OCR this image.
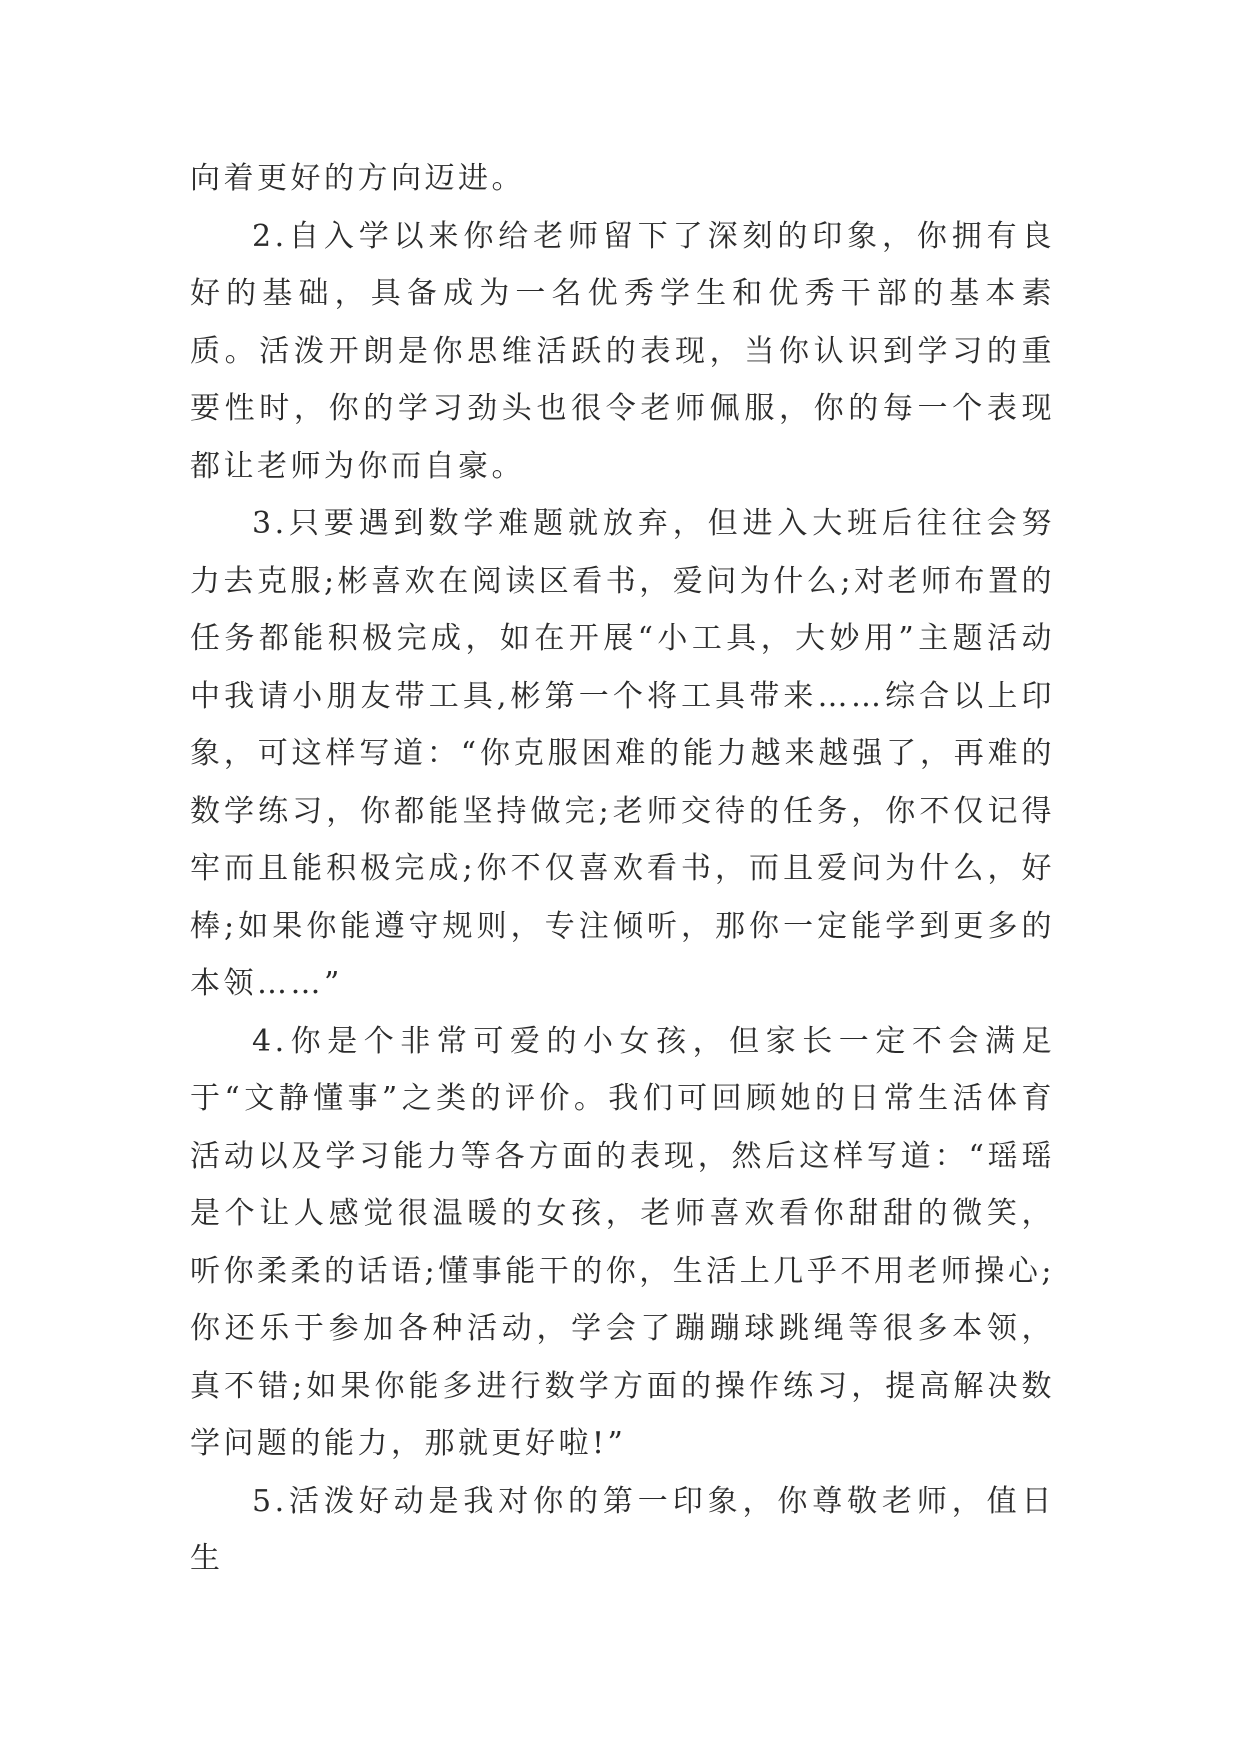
向着更好的方向迈进。

2.自入学以来你给老师留下了深刻的印象，你拥有良好的基础，具备成为一名优秀学生和优秀干部的基本素质。活泼开朗是你思维活跃的表现，当你认识到学习的重要性时，你的学习劲头也很令老师佩服，你的每一个表现都让老师为你而自豪。

3.只要遇到数学难题就放弃，但进入大班后往往会努力去克服;彬喜欢在阅读区看书，爱问为什么;对老师布置的任务都能积极完成，如在开展“小工具，大妙用”主题活动中我请小朋友带工具,彬第一个将工具带来……综合以上印象，可这样写道：“你克服困难的能力越来越强了，再难的数学练习，你都能坚持做完;老师交待的任务，你不仅记得牢而且能积极完成;你不仅喜欢看书，而且爱问为什么，好棒;如果你能遵守规则，专注倾听，那你一定能学到更多的本领……”

4.你是个非常可爱的小女孩，但家长一定不会满足于“文静懂事”之类的评价。我们可回顾她的日常生活体育活动以及学习能力等各方面的表现，然后这样写道：“瑶瑶是个让人感觉很温暖的女孩，老师喜欢看你甜甜的微笑，听你柔柔的话语;懂事能干的你，生活上几乎不用老师操心;你还乐于参加各种活动，学会了蹦蹦球跳绳等很多本领，真不错;如果你能多进行数学方面的操作练习，提高解决数学问题的能力，那就更好啦!”

5.活泼好动是我对你的第一印象，你尊敬老师，值日生
